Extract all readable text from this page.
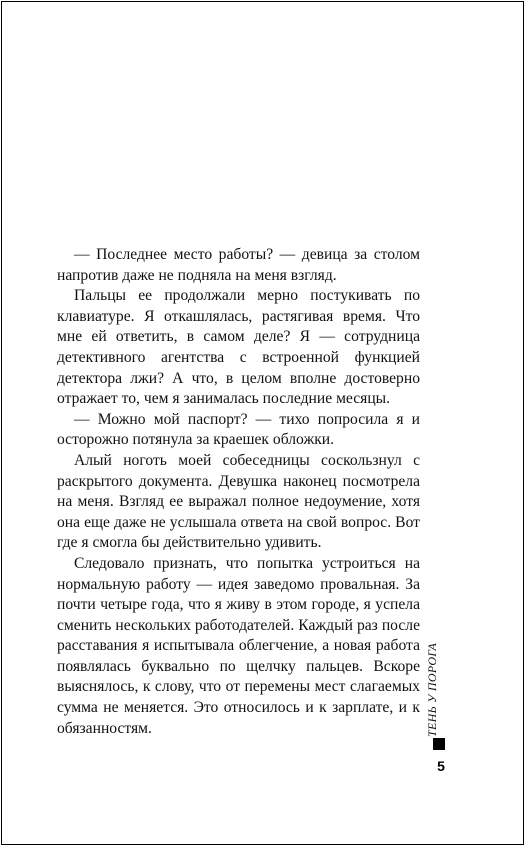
— Последнее место работы? — девица за столом напротив даже не подняла на меня взгляд.

Пальцы ее продолжали мерно постукивать по клавиатуре. Я откашлялась, растягивая время. Что мне ей ответить, в самом деле? Я — сотрудница детективного агентства с встроенной функцией детектора лжи? А что, в целом вполне достоверно отражает то, чем я занималась последние месяцы.

— Можно мой паспорт? — тихо попросила я и осторожно потянула за краешек обложки.

Алый ноготь моей собеседницы соскользнул с раскрытого документа. Девушка наконец посмотрела на меня. Взгляд ее выражал полное недоумение, хотя она еще даже не услышала ответа на свой вопрос. Вот где я смогла бы действительно удивить.

Следовало признать, что попытка устроиться на нормальную работу — идея заведомо провальная. За почти четыре года, что я живу в этом городе, я успела сменить нескольких работодателей. Каждый раз после расставания я испытывала облегчение, а новая работа появлялась буквально по щелчку пальцев. Вскоре выяснялось, к слову, что от перемены мест слагаемых сумма не меняется. Это относилось и к зарплате, и к обязанностям.	ТЕНЬ У ПОРОГА
5
